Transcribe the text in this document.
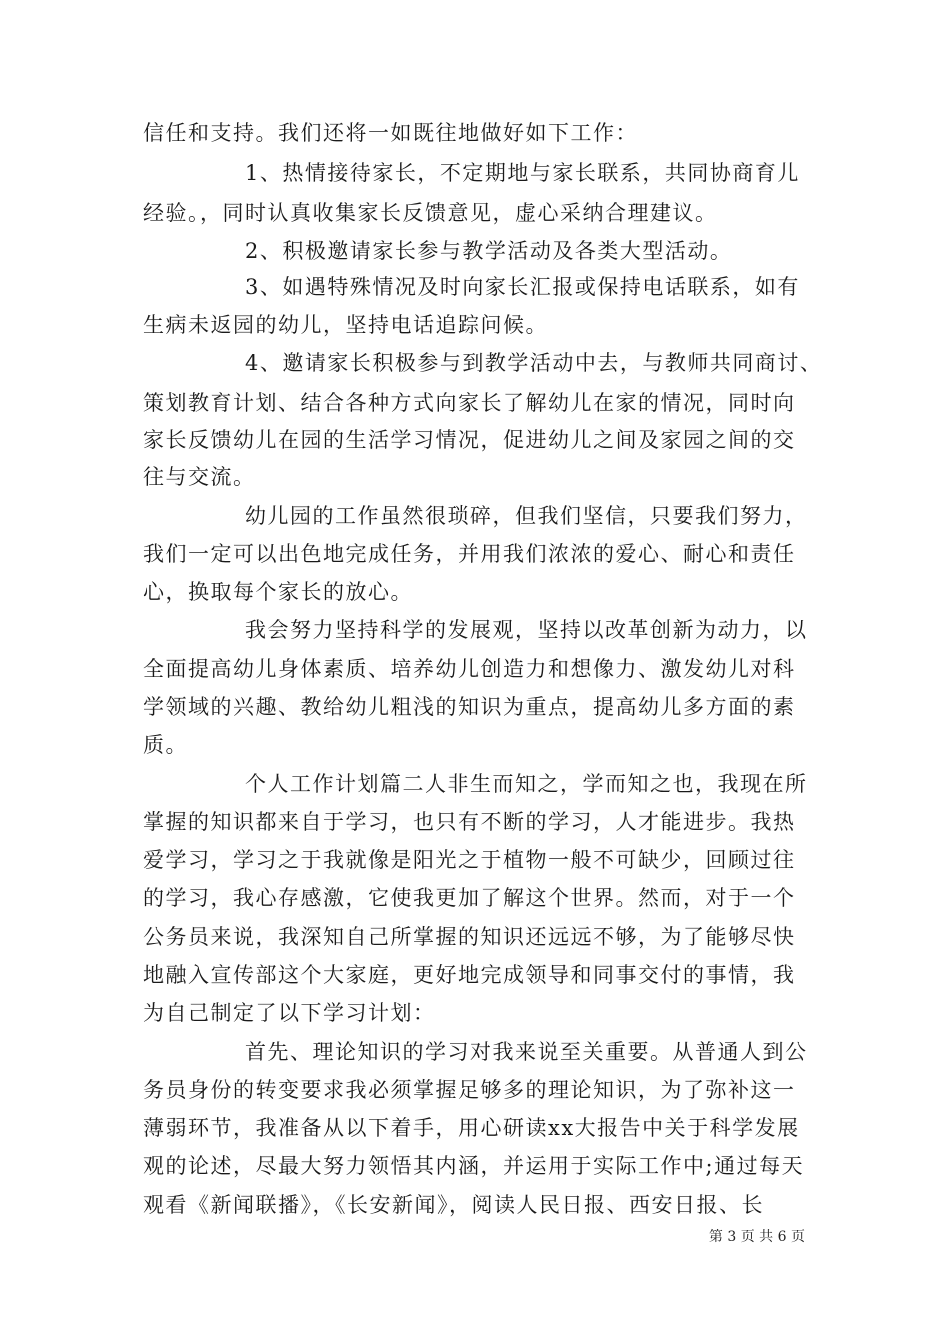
信任和支持。我们还将一如既往地做好如下工作：
1、热情接待家长，不定期地与家长联系，共同协商育儿
经验。，同时认真收集家长反馈意见，虚心采纳合理建议。
2、积极邀请家长参与教学活动及各类大型活动。
3、如遇特殊情况及时向家长汇报或保持电话联系，如有
生病未返园的幼儿，坚持电话追踪问候。
4、邀请家长积极参与到教学活动中去，与教师共同商讨、
策划教育计划、结合各种方式向家长了解幼儿在家的情况，同时向
家长反馈幼儿在园的生活学习情况，促进幼儿之间及家园之间的交
往与交流。
幼儿园的工作虽然很琐碎，但我们坚信，只要我们努力，
我们一定可以出色地完成任务，并用我们浓浓的爱心、耐心和责任
心，换取每个家长的放心。
我会努力坚持科学的发展观，坚持以改革创新为动力，以
全面提高幼儿身体素质、培养幼儿创造力和想像力、激发幼儿对科
学领域的兴趣、教给幼儿粗浅的知识为重点，提高幼儿多方面的素
质。
个人工作计划篇二人非生而知之，学而知之也，我现在所
掌握的知识都来自于学习，也只有不断的学习，人才能进步。我热
爱学习，学习之于我就像是阳光之于植物一般不可缺少，回顾过往
的学习，我心存感激，它使我更加了解这个世界。然而，对于一个
公务员来说，我深知自己所掌握的知识还远远不够，为了能够尽快
地融入宣传部这个大家庭，更好地完成领导和同事交付的事情，我
为自己制定了以下学习计划：
首先、理论知识的学习对我来说至关重要。从普通人到公
务员身份的转变要求我必须掌握足够多的理论知识，为了弥补这一
薄弱环节，我准备从以下着手，用心研读xx大报告中关于科学发展
观的论述，尽最大努力领悟其内涵，并运用于实际工作中;通过每天
观看《新闻联播》，《长安新闻》，阅读人民日报、西安日报、长
第 3 页 共 6 页
